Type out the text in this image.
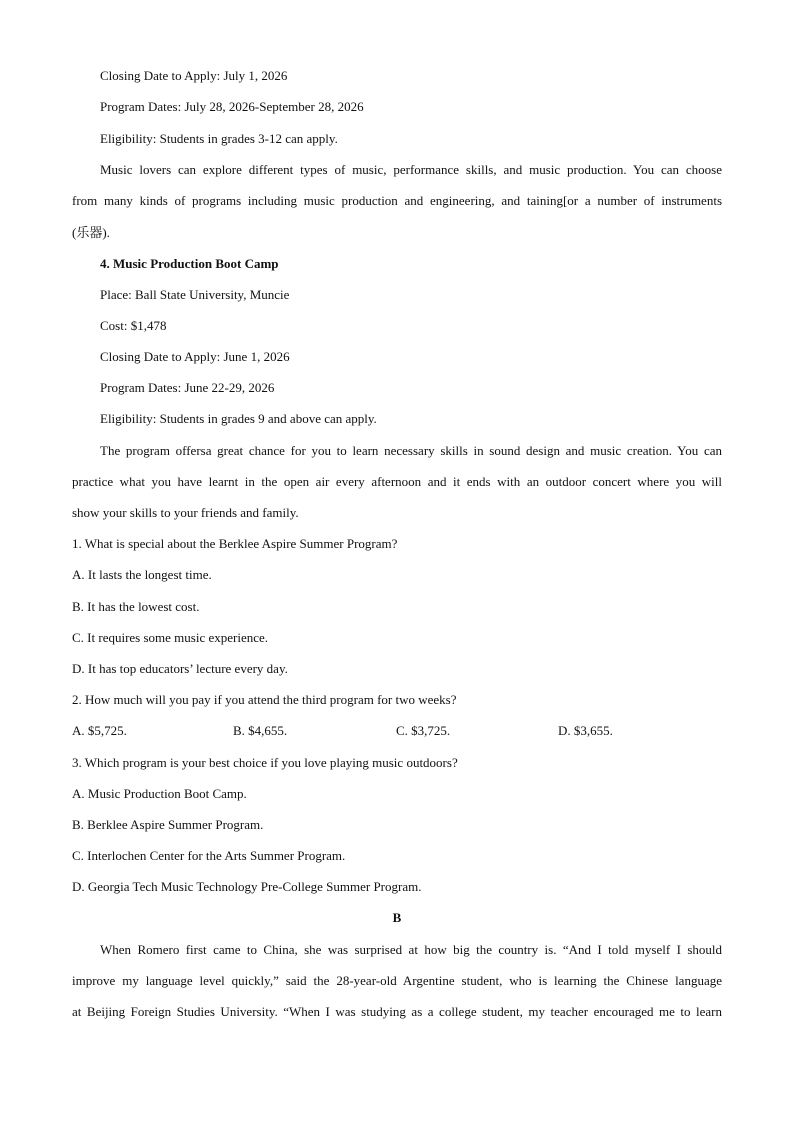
Closing Date to Apply: July 1, 2026
Program Dates: July 28, 2026-September 28, 2026
Eligibility: Students in grades 3-12 can apply.
Music lovers can explore different types of music, performance skills, and music production. You can choose
from many kinds of programs including music production and engineering, and taining[or a number of instruments
(乐器).
4. Music Production Boot Camp
Place: Ball State University, Muncie
Cost: $1,478
Closing Date to Apply: June 1, 2026
Program Dates: June 22-29, 2026
Eligibility: Students in grades 9 and above can apply.
The program offersa great chance for you to learn necessary skills in sound design and music creation. You can
practice what you have learnt in the open air every afternoon and it ends with an outdoor concert where you will
show your skills to your friends and family.
1. What is special about the Berklee Aspire Summer Program?
A. It lasts the longest time.
B. It has the lowest cost.
C. It requires some music experience.
D. It has top educators’ lecture every day.
2. How much will you pay if you attend the third program for two weeks?
A. $5,725.	B. $4,655.	C. $3,725.	D. $3,655.
3. Which program is your best choice if you love playing music outdoors?
A. Music Production Boot Camp.
B. Berklee Aspire Summer Program.
C. Interlochen Center for the Arts Summer Program.
D. Georgia Tech Music Technology Pre-College Summer Program.
B
When Romero first came to China, she was surprised at how big the country is. “And I told myself I should
improve my language level quickly,” said the 28-year-old Argentine student, who is learning the Chinese language
at Beijing Foreign Studies University. “When I was studying as a college student, my teacher encouraged me to learn
